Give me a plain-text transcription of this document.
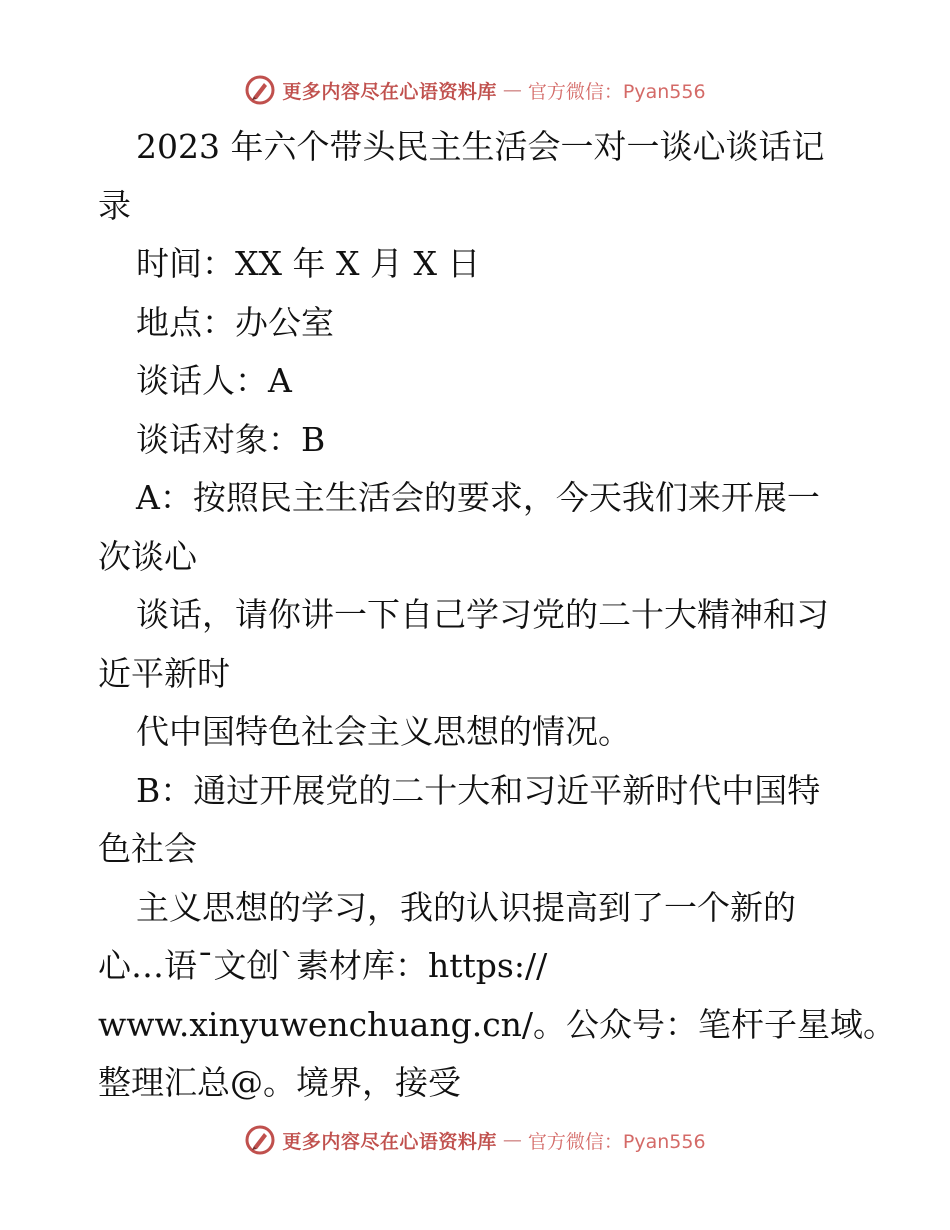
更多内容尽在心语资料库 — 官方微信：Pyan556
2023 年六个带头民主生活会一对一谈心谈话记
录
时间：XX 年 X 月 X 日
地点：办公室
谈话人：A
谈话对象：B
A：按照民主生活会的要求，今天我们来开展一
次谈心
谈话，请你讲一下自己学习党的二十大精神和习
近平新时
代中国特色社会主义思想的情况。
B：通过开展党的二十大和习近平新时代中国特
色社会
主义思想的学习，我的认识提高到了一个新的
心…语¯文创`素材库：https://
www.xinyuwenchuang.cn/。公众号：笔杆子星域。
整理汇总@。境界，接受
更多内容尽在心语资料库 — 官方微信：Pyan556
